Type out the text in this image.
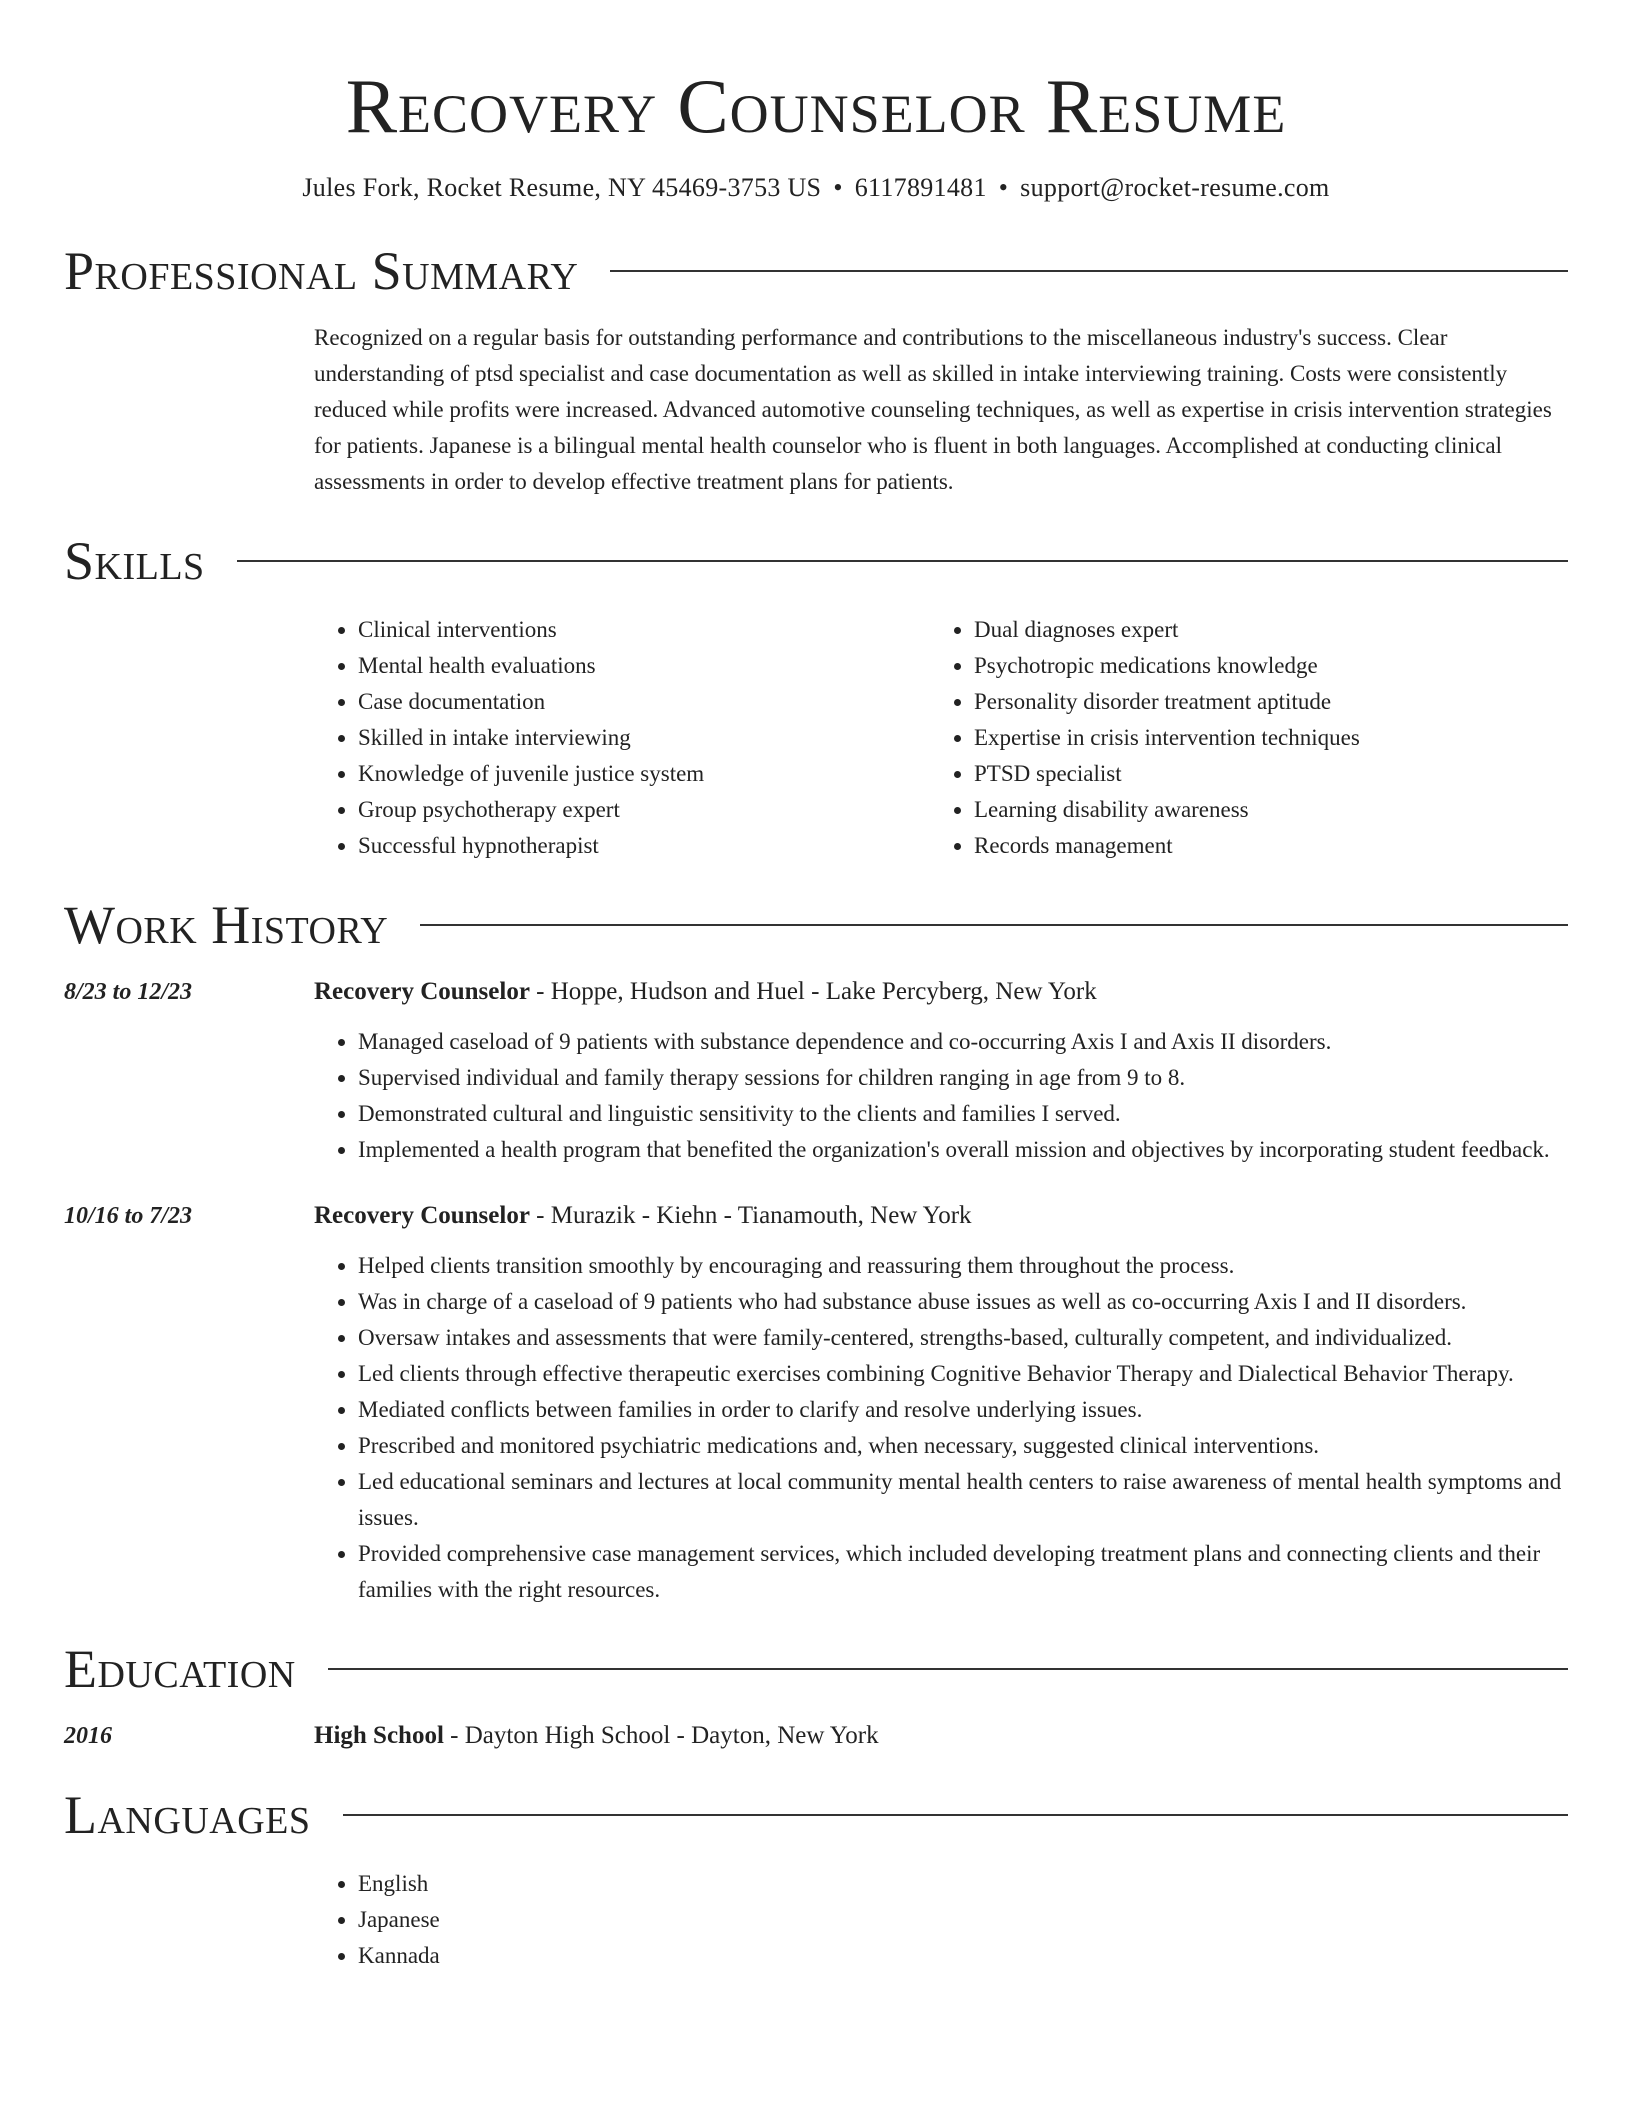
Recovery Counselor Resume
Jules Fork, Rocket Resume, NY 45469-3753 US • 6117891481 • support@rocket-resume.com
Professional Summary

Recognized on a regular basis for outstanding performance and contributions to the miscellaneous industry's success. Clear understanding of ptsd specialist and case documentation as well as skilled in intake interviewing training. Costs were consistently reduced while profits were increased. Advanced automotive counseling techniques, as well as expertise in crisis intervention strategies for patients. Japanese is a bilingual mental health counselor who is fluent in both languages. Accomplished at conducting clinical assessments in order to develop effective treatment plans for patients.

Skills
• Clinical interventions
• Mental health evaluations
• Case documentation
• Skilled in intake interviewing
• Knowledge of juvenile justice system
• Group psychotherapy expert
• Successful hypnotherapist
• Dual diagnoses expert
• Psychotropic medications knowledge
• Personality disorder treatment aptitude
• Expertise in crisis intervention techniques
• PTSD specialist
• Learning disability awareness
• Records management
Work History
8/23 to 12/23	Recovery Counselor - Hoppe, Hudson and Huel - Lake Percyberg, New York
• Managed caseload of 9 patients with substance dependence and co-occurring Axis I and Axis II disorders.
• Supervised individual and family therapy sessions for children ranging in age from 9 to 8.
• Demonstrated cultural and linguistic sensitivity to the clients and families I served.
• Implemented a health program that benefited the organization's overall mission and objectives by incorporating student feedback.
10/16 to 7/23	Recovery Counselor - Murazik - Kiehn - Tianamouth, New York
• Helped clients transition smoothly by encouraging and reassuring them throughout the process.
• Was in charge of a caseload of 9 patients who had substance abuse issues as well as co-occurring Axis I and II disorders.
• Oversaw intakes and assessments that were family-centered, strengths-based, culturally competent, and individualized.
• Led clients through effective therapeutic exercises combining Cognitive Behavior Therapy and Dialectical Behavior Therapy.
• Mediated conflicts between families in order to clarify and resolve underlying issues.
• Prescribed and monitored psychiatric medications and, when necessary, suggested clinical interventions.
• Led educational seminars and lectures at local community mental health centers to raise awareness of mental health symptoms and issues.
• Provided comprehensive case management services, which included developing treatment plans and connecting clients and their families with the right resources.
Education
2016	High School - Dayton High School - Dayton, New York
Languages
• English
• Japanese
• Kannada
